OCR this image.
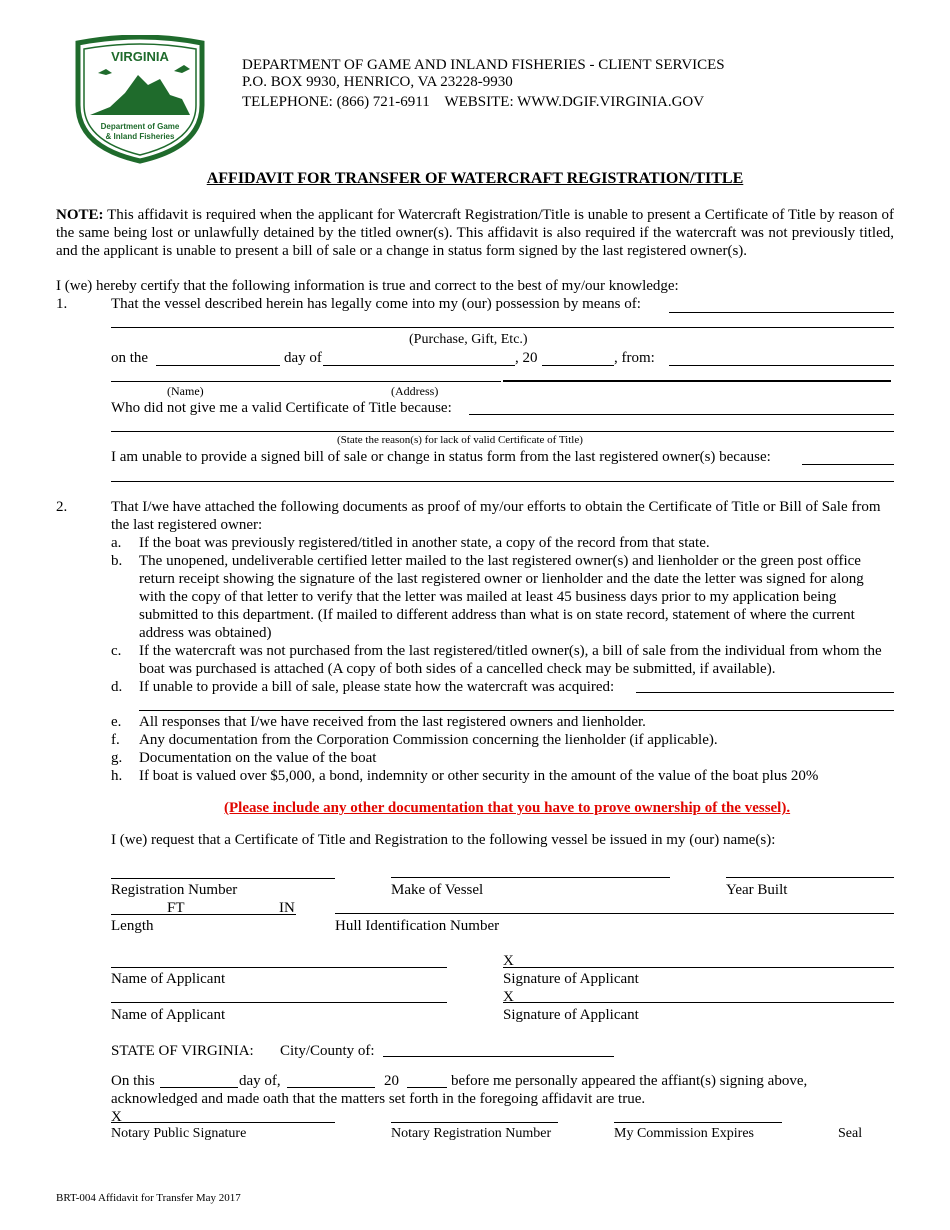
VIRGINIA
Department of Game
& Inland Fisheries
DEPARTMENT OF GAME AND INLAND FISHERIES - CLIENT SERVICES
P.O. BOX 9930, HENRICO, VA 23228-9930
TELEPHONE: (866) 721-6911    WEBSITE: WWW.DGIF.VIRGINIA.GOV
AFFIDAVIT FOR TRANSFER OF WATERCRAFT REGISTRATION/TITLE
NOTE: This affidavit is required when the applicant for Watercraft Registration/Title is unable to present a Certificate of Title by reason of the same being lost or unlawfully detained by the titled owner(s). This affidavit is also required if the watercraft was not previously titled, and the applicant is unable to present a bill of sale or a change in status form signed by the last registered owner(s).
I (we) hereby certify that the following information is true and correct to the best of my/our knowledge:
1.	That the vessel described herein has legally come into my (our) possession by means of:
(Purchase, Gift, Etc.)
on the	day of	, 20	, from:
(Name)	(Address)
Who did not give me a valid Certificate of Title because:
(State the reason(s) for lack of valid Certificate of Title)
I am unable to provide a signed bill of sale or change in status form from the last registered owner(s) because:
2.	That I/we have attached the following documents as proof of my/our efforts to obtain the Certificate of Title or Bill of Sale from the last registered owner:
a. If the boat was previously registered/titled in another state, a copy of the record from that state.
b. The unopened, undeliverable certified letter mailed to the last registered owner(s) and lienholder or the green post office return receipt showing the signature of the last registered owner or lienholder and the date the letter was signed for along with the copy of that letter to verify that the letter was mailed at least 45 business days prior to my application being submitted to this department. (If mailed to different address than what is on state record, statement of where the current address was obtained)
c. If the watercraft was not purchased from the last registered/titled owner(s), a bill of sale from the individual from whom the boat was purchased is attached (A copy of both sides of a cancelled check may be submitted, if available).
d. If unable to provide a bill of sale, please state how the watercraft was acquired:
e. All responses that I/we have received from the last registered owners and lienholder.
f. Any documentation from the Corporation Commission concerning the lienholder (if applicable).
g. Documentation on the value of the boat
h. If boat is valued over $5,000, a bond, indemnity or other security in the amount of the value of the boat plus 20%
(Please include any other documentation that you have to prove ownership of the vessel).
I (we) request that a Certificate of Title and Registration to the following vessel be issued in my (our) name(s):
Registration Number	Make of Vessel	Year Built
FT	IN
Length	Hull Identification Number
X
Name of Applicant	Signature of Applicant
X
Name of Applicant	Signature of Applicant
STATE OF VIRGINIA: City/County of:
On this	day of,	20	before me personally appeared the affiant(s) signing above,
acknowledged and made oath that the matters set forth in the foregoing affidavit are true.
X
Notary Public Signature	Notary Registration Number	My Commission Expires	Seal
BRT-004 Affidavit for Transfer May 2017
